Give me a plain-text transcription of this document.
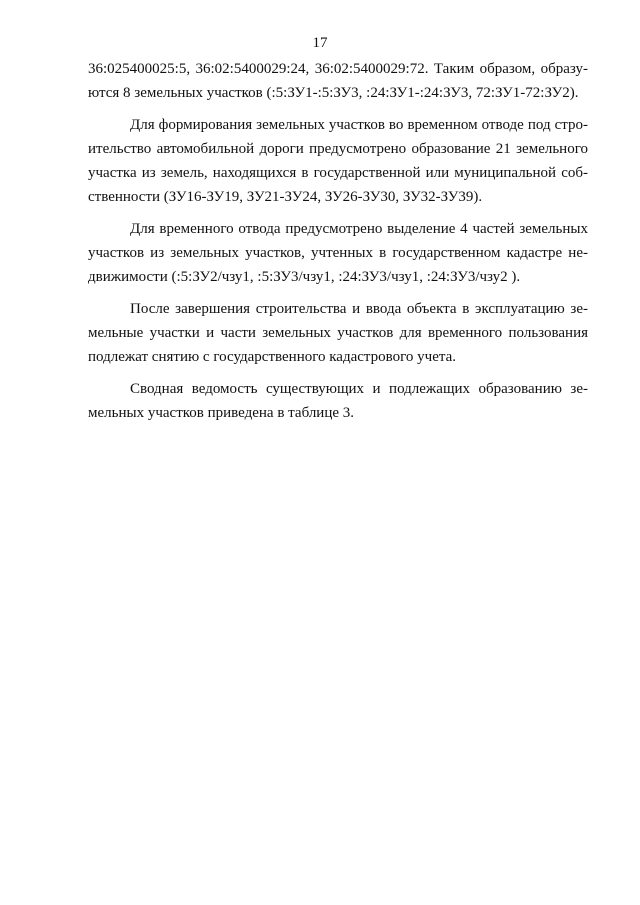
17
36:025400025:5, 36:02:5400029:24, 36:02:5400029:72. Таким образом, образу-
ются 8 земельных участков (:5:ЗУ1-:5:ЗУ3, :24:ЗУ1-:24:ЗУ3, 72:ЗУ1-72:ЗУ2).
Для формирования земельных участков во временном отводе под стро-
ительство автомобильной дороги предусмотрено образование 21 земельного
участка из земель, находящихся в государственной или муниципальной соб-
ственности (ЗУ16-ЗУ19, ЗУ21-ЗУ24, ЗУ26-ЗУ30, ЗУ32-ЗУ39).
Для временного отвода предусмотрено выделение 4 частей земельных
участков из земельных участков, учтенных в государственном кадастре не-
движимости (:5:ЗУ2/чзу1, :5:ЗУ3/чзу1, :24:ЗУ3/чзу1, :24:ЗУ3/чзу2 ).
После завершения строительства и ввода объекта в эксплуатацию зе-
мельные участки и части земельных участков для временного пользования
подлежат снятию с государственного кадастрового учета.
Сводная ведомость существующих и подлежащих образованию зе-
мельных участков приведена в таблице 3.
